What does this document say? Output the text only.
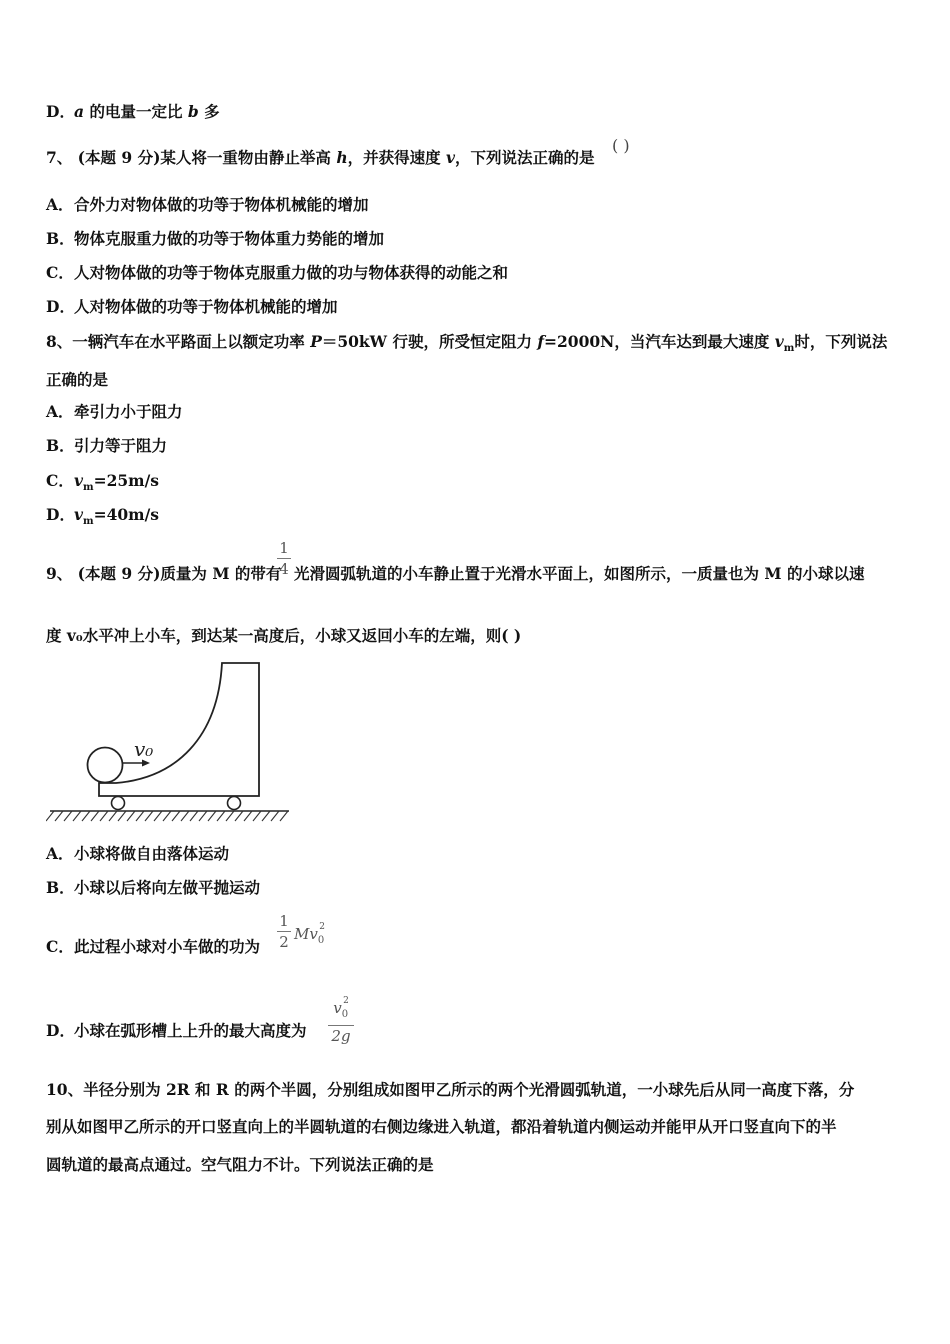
D．a 的电量一定比 b 多
7、 (本题 9 分)某人将一重物由静止举高 h，并获得速度 v，下列说法正确的是
( )
A．合外力对物体做的功等于物体机械能的增加
B．物体克服重力做的功等于物体重力势能的增加
C．人对物体做的功等于物体克服重力做的功与物体获得的动能之和
D．人对物体做的功等于物体机械能的增加
8、一辆汽车在水平路面上以额定功率 P＝50kW 行驶，所受恒定阻力 f=2000N，当汽车达到最大速度 $v_m$时，下列说法
正确的是
A．牵引力小于阻力
B．引力等于阻力
C．$v_m=25m/s$
D．$v_m=40m/s$
9、 (本题 9 分)质量为 M 的带有
1
4 光滑圆弧轨道的小车静止置于光滑水平面上，如图所示，一质量也为 M 的小球以速
度 v₀水平冲上小车，到达某一高度后，小球又返回小车的左端，则( )
v₀
A．小球将做自由落体运动
B．小球以后将向左做平抛运动
C．此过程小球对小车做的功为
1
2 $Mv_0^2$
D．小球在弧形槽上上升的最大高度为
$v_0^2$
2g
10、半径分别为 2R 和 R 的两个半圆，分别组成如图甲乙所示的两个光滑圆弧轨道，一小球先后从同一高度下落，分
别从如图甲乙所示的开口竖直向上的半圆轨道的右侧边缘进入轨道，都沿着轨道内侧运动并能甲从开口竖直向下的半
圆轨道的最高点通过。空气阻力不计。下列说法正确的是
